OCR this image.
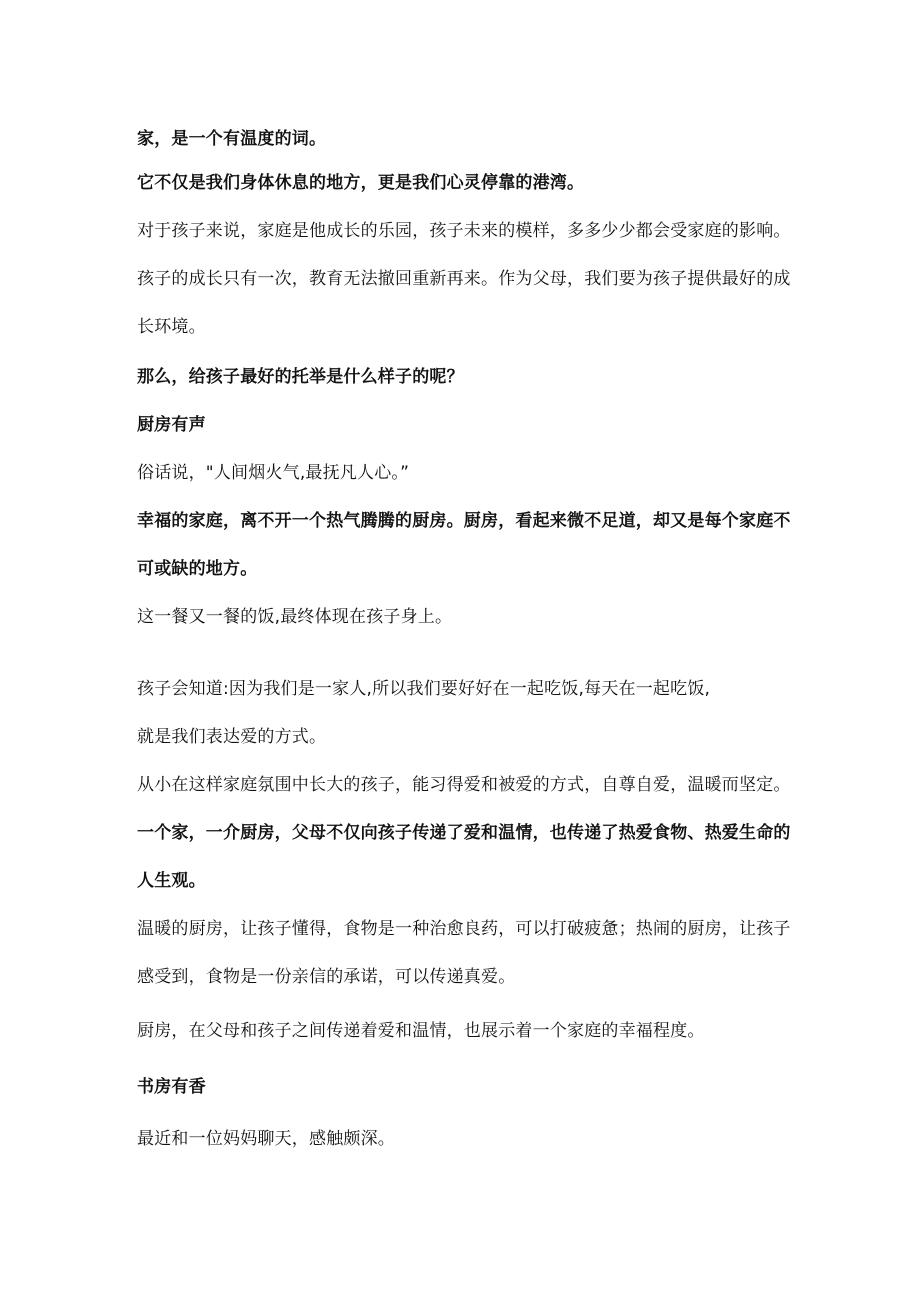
家，是一个有温度的词。

它不仅是我们身体休息的地方，更是我们心灵停靠的港湾。

对于孩子来说，家庭是他成长的乐园，孩子未来的模样，多多少少都会受家庭的影响。

孩子的成长只有一次，教育无法撤回重新再来。作为父母，我们要为孩子提供最好的成

长环境。

那么，给孩子最好的托举是什么样子的呢？

厨房有声

俗话说，"人间烟火气,最抚凡人心。”

幸福的家庭，离不开一个热气腾腾的厨房。厨房，看起来微不足道，却又是每个家庭不

可或缺的地方。

这一餐又一餐的饭,最终体现在孩子身上。

孩子会知道:因为我们是一家人,所以我们要好好在一起吃饭,每天在一起吃饭,

就是我们表达爱的方式。

从小在这样家庭氛围中长大的孩子，能习得爱和被爱的方式，自尊自爱，温暖而坚定。

一个家，一介厨房，父母不仅向孩子传递了爱和温情，也传递了热爱食物、热爱生命的

人生观。

温暖的厨房，让孩子懂得，食物是一种治愈良药，可以打破疲惫；热闹的厨房，让孩子

感受到，食物是一份亲信的承诺，可以传递真爱。

厨房，在父母和孩子之间传递着爱和温情，也展示着一个家庭的幸福程度。

书房有香

最近和一位妈妈聊天，感触颇深。
